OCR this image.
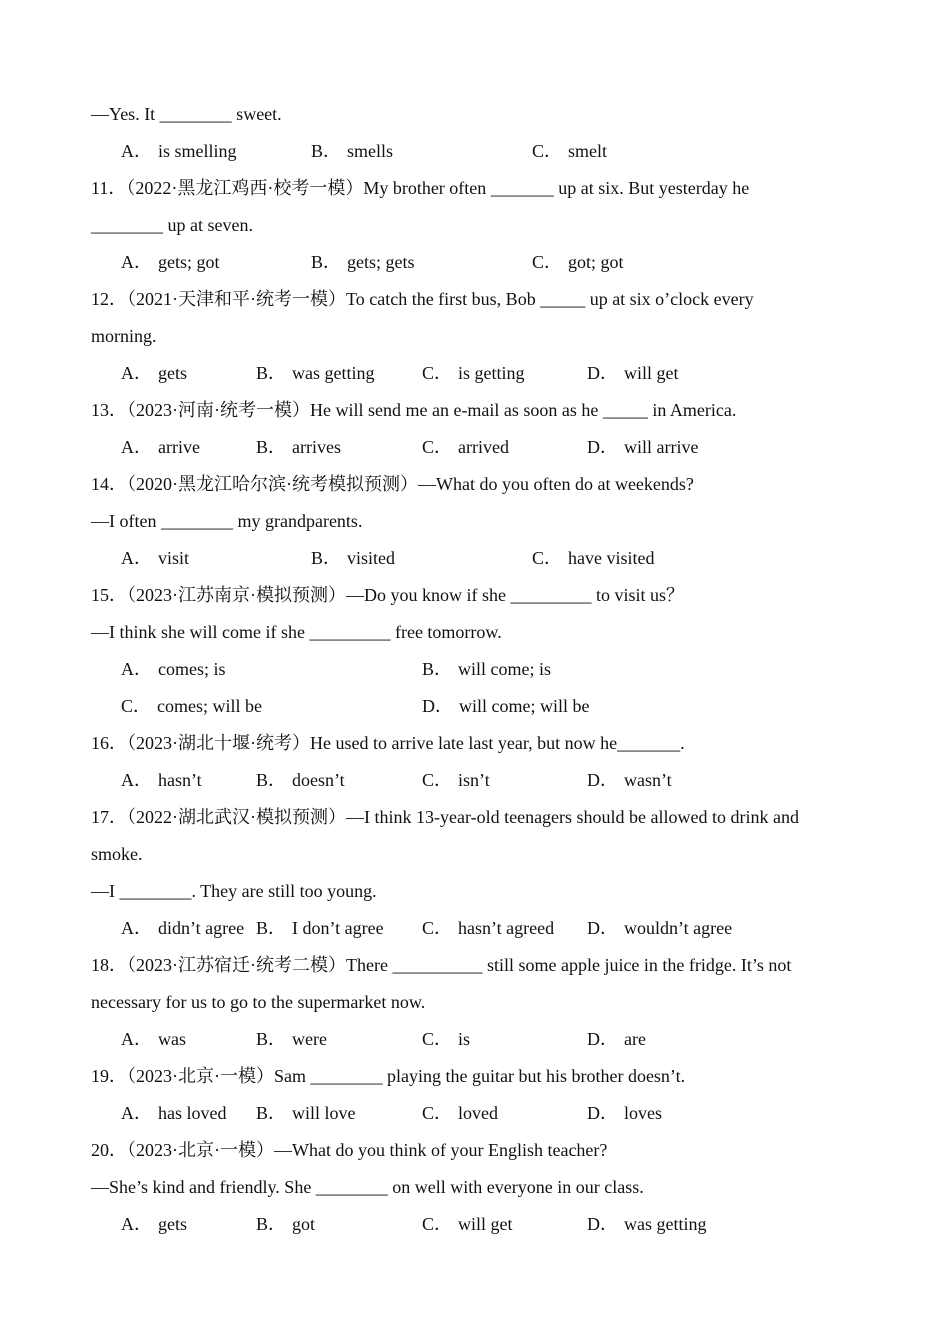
—Yes. It ________ sweet.
A． is smelling	B． smells	C． smelt
11．（2022·黑龙江鸡西·校考一模）My brother often _______ up at six. But yesterday he
________ up at seven.
A． gets; got	B． gets; gets	C． got; got
12．（2021·天津和平·统考一模）To catch the first bus, Bob _____ up at six o’clock every
morning.
A． gets	B． was getting	C． is getting	D． will get
13．（2023·河南·统考一模）He will send me an e-mail as soon as he _____ in America.
A． arrive	B． arrives	C． arrived	D． will arrive
14．（2020·黑龙江哈尔滨·统考模拟预测）—What do you often do at weekends?
—I often ________ my grandparents.
A． visit	B． visited	C． have visited
15．（2023·江苏南京·模拟预测）—Do you know if she _________ to visit us？
—I think she will come if she _________ free tomorrow.
A． comes; is	B． will come; is
C． comes; will be	D． will come; will be
16．（2023·湖北十堰·统考）He used to arrive late last year, but now he_______.
A． hasn’t	B． doesn’t	C． isn’t	D． wasn’t
17．（2022·湖北武汉·模拟预测）—I think 13-year-old teenagers should be allowed to drink and
smoke.
—I ________. They are still too young.
A． didn’t agree B． I don’t agree C． hasn’t agreed D． wouldn’t agree
18．（2023·江苏宿迁·统考二模）There __________ still some apple juice in the fridge. It’s not
necessary for us to go to the supermarket now.
A． was	B． were	C． is	D． are
19．（2023·北京·一模）Sam ________ playing the guitar but his brother doesn’t.
A． has loved B． will love	C． loved	D． loves
20．（2023·北京·一模）—What do you think of your English teacher?
—She’s kind and friendly. She ________ on well with everyone in our class.
A． gets	B． got	C． will get	D． was getting
